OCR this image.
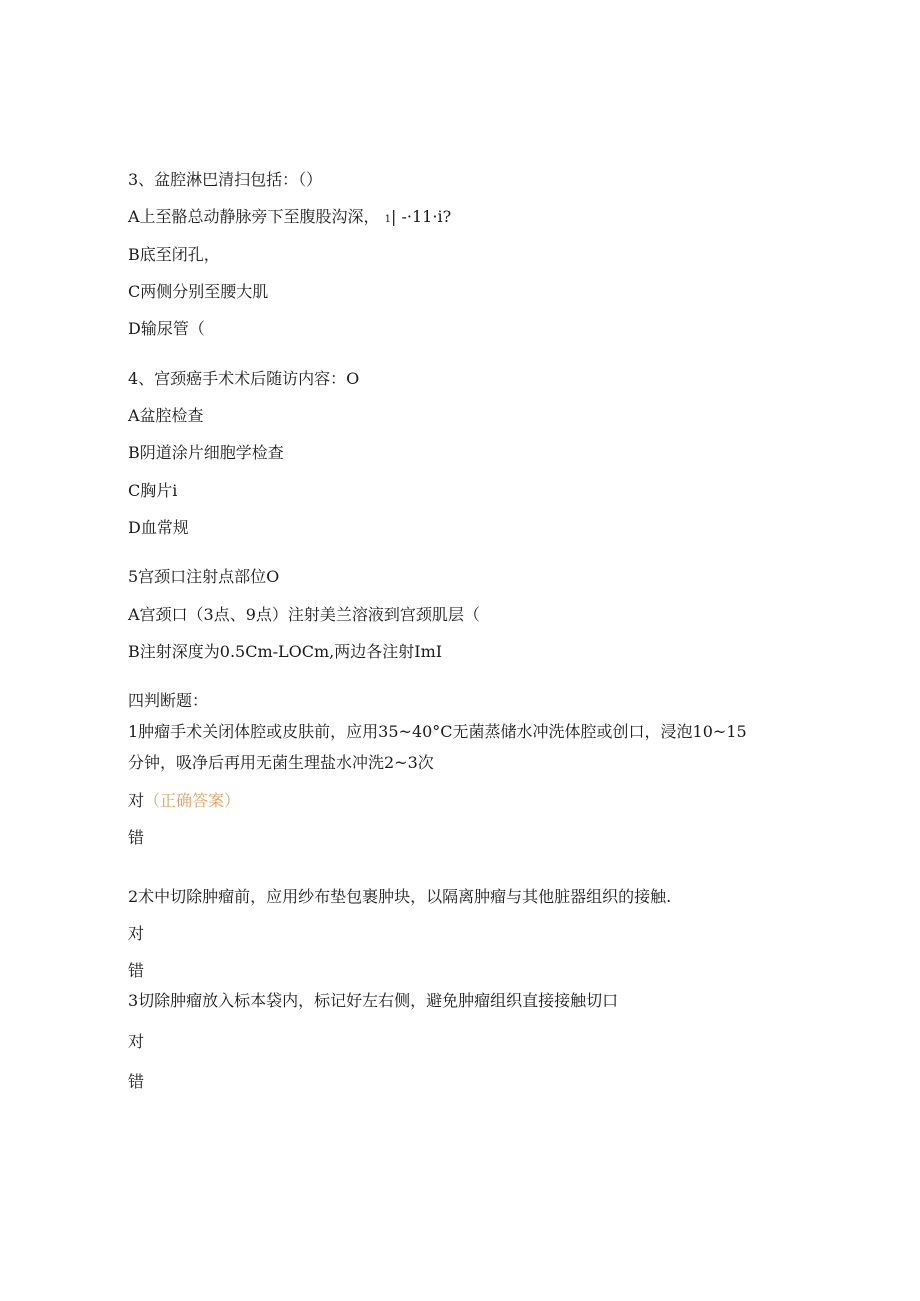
3、盆腔淋巴清扫包括：（）
A上至骼总动静脉旁下至腹股沟深， 1| -·11·i?
B底至闭孔，
C两侧分别至腰大肌
D输尿管（
4、宫颈癌手术术后随访内容：O
A盆腔检查
B阴道涂片细胞学检查
C胸片i
D血常规
5宫颈口注射点部位O
A宫颈口（3点、9点）注射美兰溶液到宫颈肌层（
B注射深度为0.5Cm-LOCm,两边各注射ImI
四判断题：
1肿瘤手术关闭体腔或皮肤前，应用35~40°C无菌蒸储水冲洗体腔或创口，浸泡10~15
分钟，吸净后再用无菌生理盐水冲洗2~3次
对（正确答案）
错
2术中切除肿瘤前，应用纱布垫包裹肿块，以隔离肿瘤与其他脏器组织的接触.
对
错
3切除肿瘤放入标本袋内，标记好左右侧，避免肿瘤组织直接接触切口
对
错
